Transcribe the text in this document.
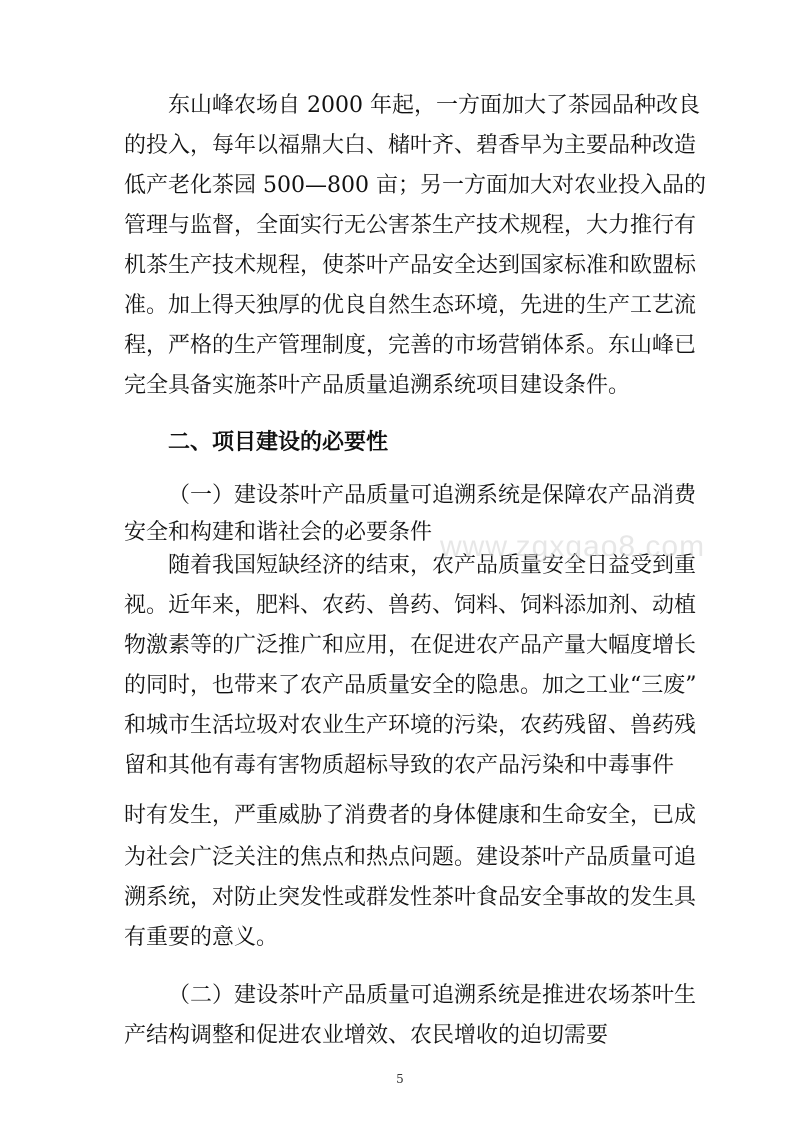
东山峰农场自 2000 年起，一方面加大了茶园品种改良
的投入，每年以福鼎大白、槠叶齐、碧香早为主要品种改造
低产老化茶园 500—800 亩；另一方面加大对农业投入品的
管理与监督，全面实行无公害茶生产技术规程，大力推行有
机茶生产技术规程，使茶叶产品安全达到国家标准和欧盟标
准。加上得天独厚的优良自然生态环境，先进的生产工艺流
程，严格的生产管理制度，完善的市场营销体系。东山峰已
完全具备实施茶叶产品质量追溯系统项目建设条件。
二、项目建设的必要性
（一）建设茶叶产品质量可追溯系统是保障农产品消费
安全和构建和谐社会的必要条件
随着我国短缺经济的结束，农产品质量安全日益受到重
视。近年来，肥料、农药、兽药、饲料、饲料添加剂、动植
物激素等的广泛推广和应用，在促进农产品产量大幅度增长
的同时，也带来了农产品质量安全的隐患。加之工业“三废”
和城市生活垃圾对农业生产环境的污染，农药残留、兽药残
留和其他有毒有害物质超标导致的农产品污染和中毒事件
时有发生，严重威胁了消费者的身体健康和生命安全，已成
为社会广泛关注的焦点和热点问题。建设茶叶产品质量可追
溯系统，对防止突发性或群发性茶叶食品安全事故的发生具
有重要的意义。
（二）建设茶叶产品质量可追溯系统是推进农场茶叶生
产结构调整和促进农业增效、农民增收的迫切需要
www.zgxgao8.com
5
